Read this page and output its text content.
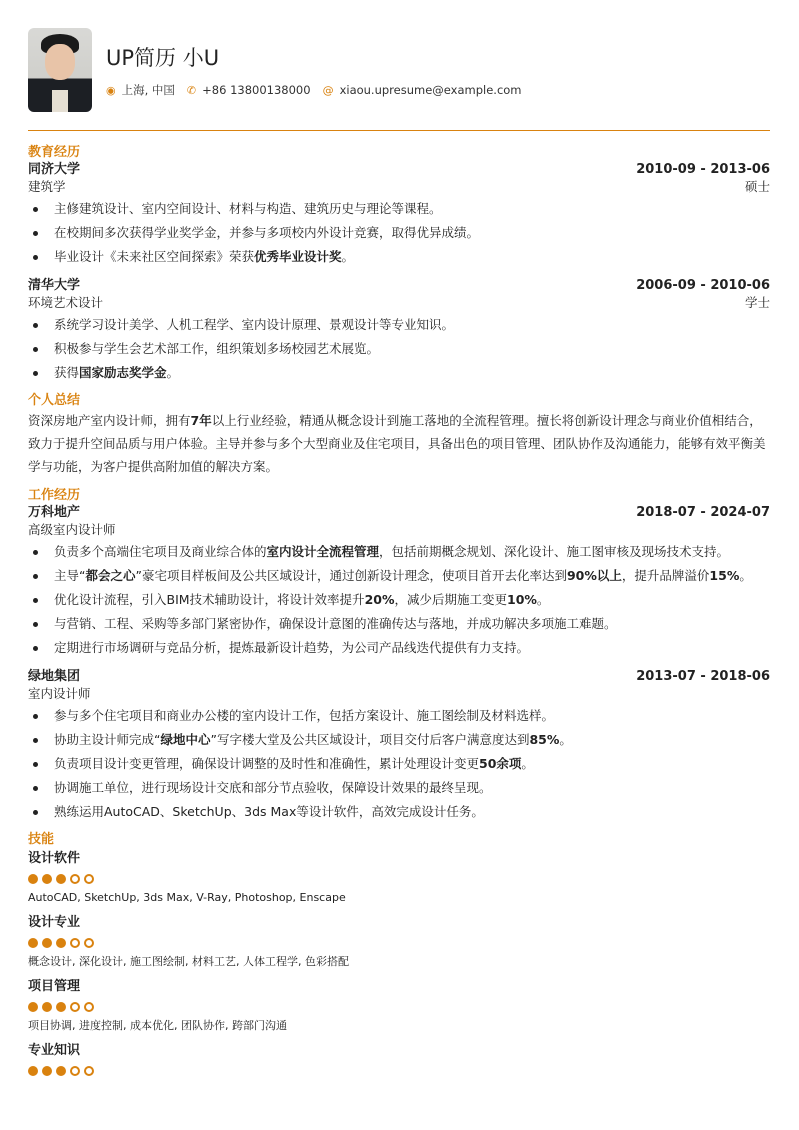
UP简历 小U
◉ 上海, 中国 ✆ +86 13800138000 @ xiaou.upresume@example.com
教育经历
同济大学	2010-09 - 2013-06
建筑学	硕士
主修建筑设计、室内空间设计、材料与构造、建筑历史与理论等课程。
在校期间多次获得学业奖学金，并参与多项校内外设计竞赛，取得优异成绩。
毕业设计《未来社区空间探索》荣获优秀毕业设计奖。
清华大学	2006-09 - 2010-06
环境艺术设计	学士
系统学习设计美学、人机工程学、室内设计原理、景观设计等专业知识。
积极参与学生会艺术部工作，组织策划多场校园艺术展览。
获得国家励志奖学金。
个人总结
资深房地产室内设计师，拥有7年以上行业经验，精通从概念设计到施工落地的全流程管理。擅长将创新设计理念与商业价值相结合，致力于提升空间品质与用户体验。主导并参与多个大型商业及住宅项目，具备出色的项目管理、团队协作及沟通能力，能够有效平衡美学与功能，为客户提供高附加值的解决方案。
工作经历
万科地产	2018-07 - 2024-07
高级室内设计师
负责多个高端住宅项目及商业综合体的室内设计全流程管理，包括前期概念规划、深化设计、施工图审核及现场技术支持。
主导“都会之心”豪宅项目样板间及公共区域设计，通过创新设计理念，使项目首开去化率达到90%以上，提升品牌溢价15%。
优化设计流程，引入BIM技术辅助设计，将设计效率提升20%，减少后期施工变更10%。
与营销、工程、采购等多部门紧密协作，确保设计意图的准确传达与落地，并成功解决多项施工难题。
定期进行市场调研与竞品分析，提炼最新设计趋势，为公司产品线迭代提供有力支持。
绿地集团	2013-07 - 2018-06
室内设计师
参与多个住宅项目和商业办公楼的室内设计工作，包括方案设计、施工图绘制及材料选样。
协助主设计师完成“绿地中心”写字楼大堂及公共区域设计，项目交付后客户满意度达到85%。
负责项目设计变更管理，确保设计调整的及时性和准确性，累计处理设计变更50余项。
协调施工单位，进行现场设计交底和部分节点验收，保障设计效果的最终呈现。
熟练运用AutoCAD、SketchUp、3ds Max等设计软件，高效完成设计任务。
技能
设计软件
AutoCAD, SketchUp, 3ds Max, V-Ray, Photoshop, Enscape
设计专业
概念设计, 深化设计, 施工图绘制, 材料工艺, 人体工程学, 色彩搭配
项目管理
项目协调, 进度控制, 成本优化, 团队协作, 跨部门沟通
专业知识
